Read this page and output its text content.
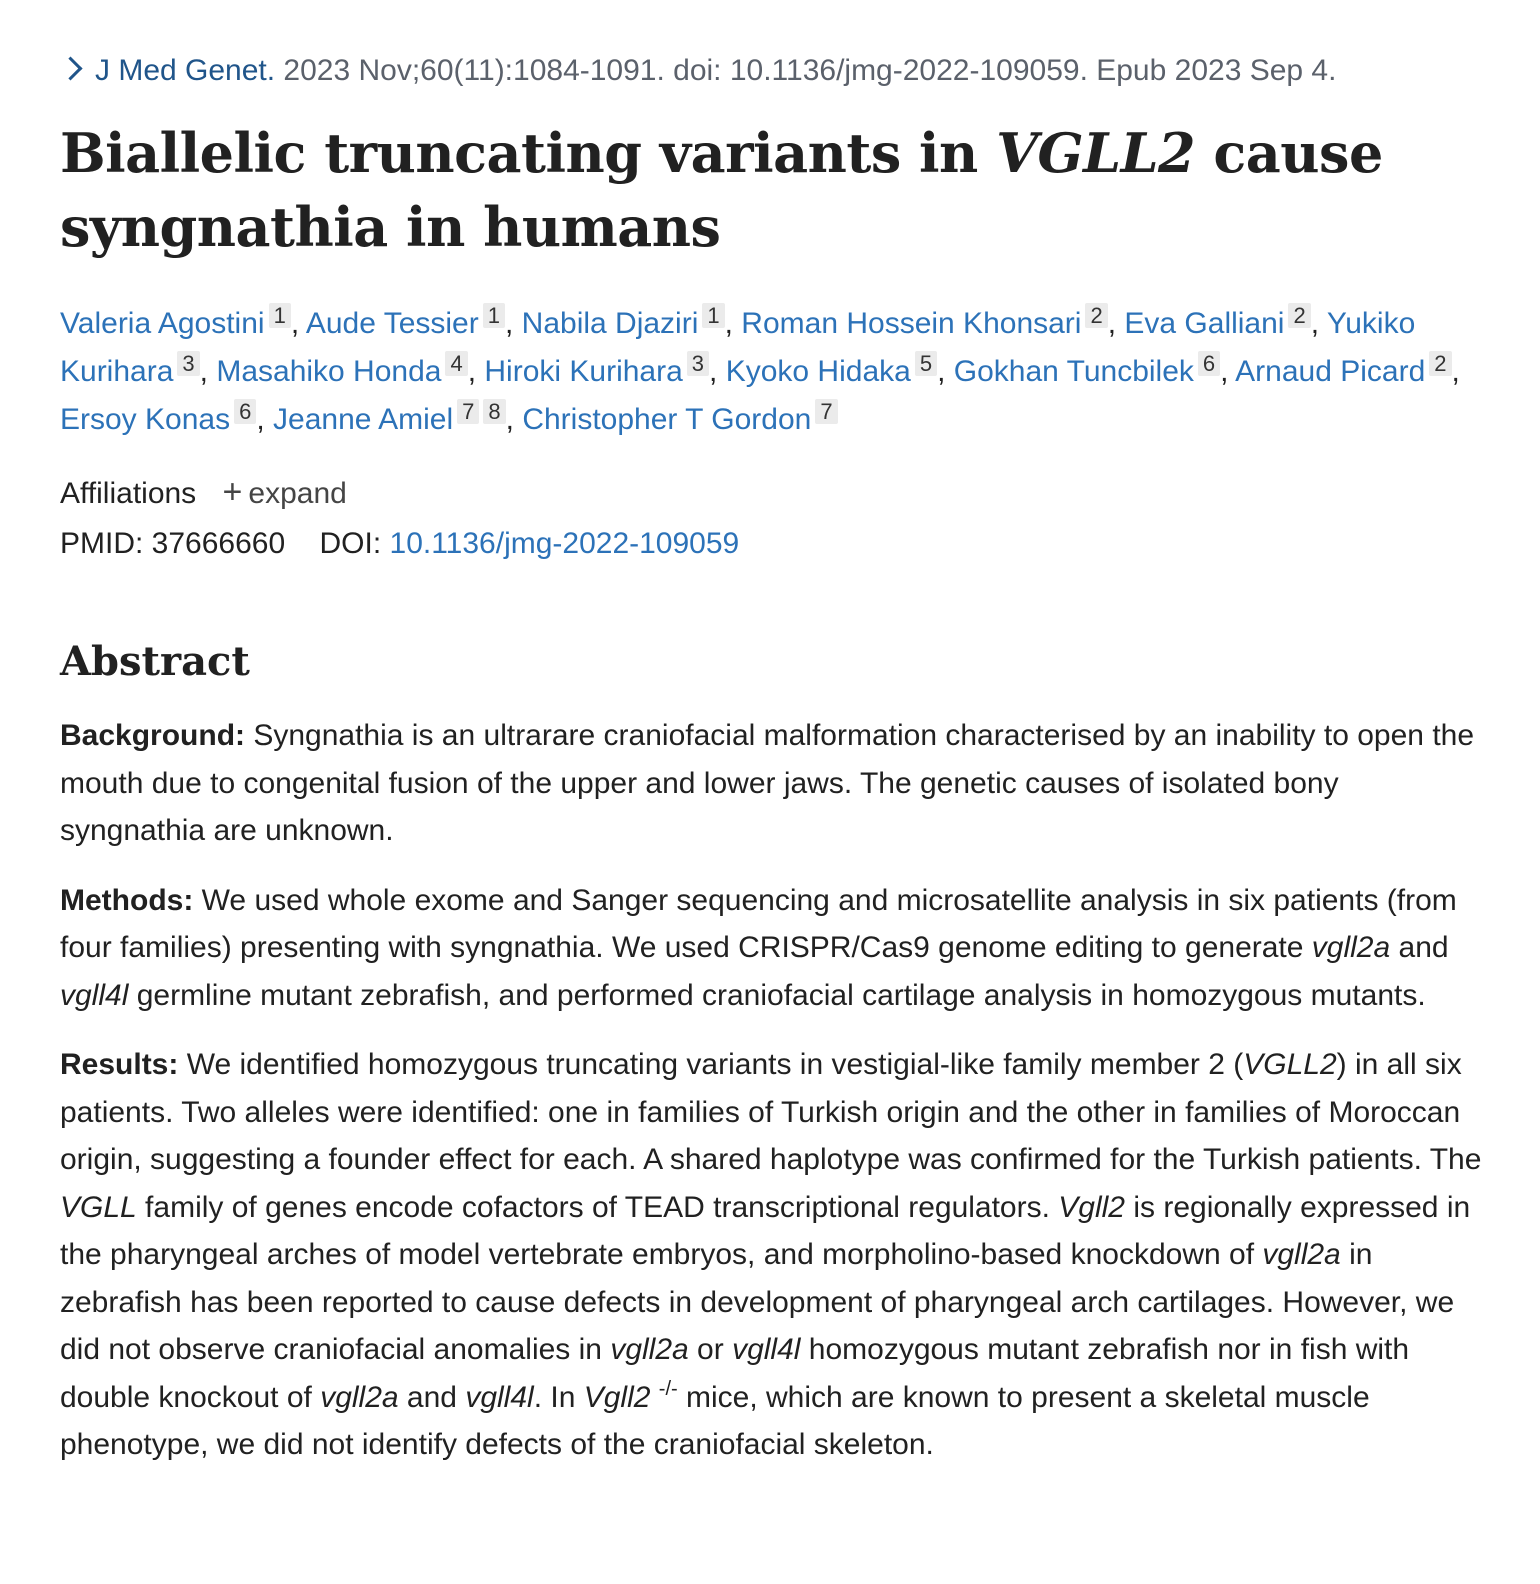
J Med Genet. 2023 Nov;60(11):1084-1091. doi: 10.1136/jmg-2022-109059. Epub 2023 Sep 4.
Biallelic truncating variants in VGLL2 cause syngnathia in humans
Valeria Agostini $^1$ , Aude Tessier $^1$ , Nabila Djaziri $^1$ , Roman Hossein Khonsari $^2$ , Eva Galliani $^2$ , Yukiko Kurihara $^3$ , Masahiko Honda $^4$ , Hiroki Kurihara $^3$ , Kyoko Hidaka $^5$ , Gokhan Tuncbilek $^6$ , Arnaud Picard $^2$ , Ersoy Konas $^6$ , Jeanne Amiel $^7$ $^8$ , Christopher T Gordon $^7$
Affiliations + expand
PMID: 37666660 DOI: 10.1136/jmg-2022-109059
Abstract
Background: Syngnathia is an ultrarare craniofacial malformation characterised by an inability to open the mouth due to congenital fusion of the upper and lower jaws. The genetic causes of isolated bony syngnathia are unknown.
Methods: We used whole exome and Sanger sequencing and microsatellite analysis in six patients (from four families) presenting with syngnathia. We used CRISPR/Cas9 genome editing to generate vgll2a and vgll4l germline mutant zebrafish, and performed craniofacial cartilage analysis in homozygous mutants.
Results: We identified homozygous truncating variants in vestigial-like family member 2 (VGLL2) in all six patients. Two alleles were identified: one in families of Turkish origin and the other in families of Moroccan origin, suggesting a founder effect for each. A shared haplotype was confirmed for the Turkish patients. The VGLL family of genes encode cofactors of TEAD transcriptional regulators. Vgll2 is regionally expressed in the pharyngeal arches of model vertebrate embryos, and morpholino-based knockdown of vgll2a in zebrafish has been reported to cause defects in development of pharyngeal arch cartilages. However, we did not observe craniofacial anomalies in vgll2a or vgll4l homozygous mutant zebrafish nor in fish with double knockout of vgll2a and vgll4l. In Vgll2 -/- mice, which are known to present a skeletal muscle phenotype, we did not identify defects of the craniofacial skeleton.
